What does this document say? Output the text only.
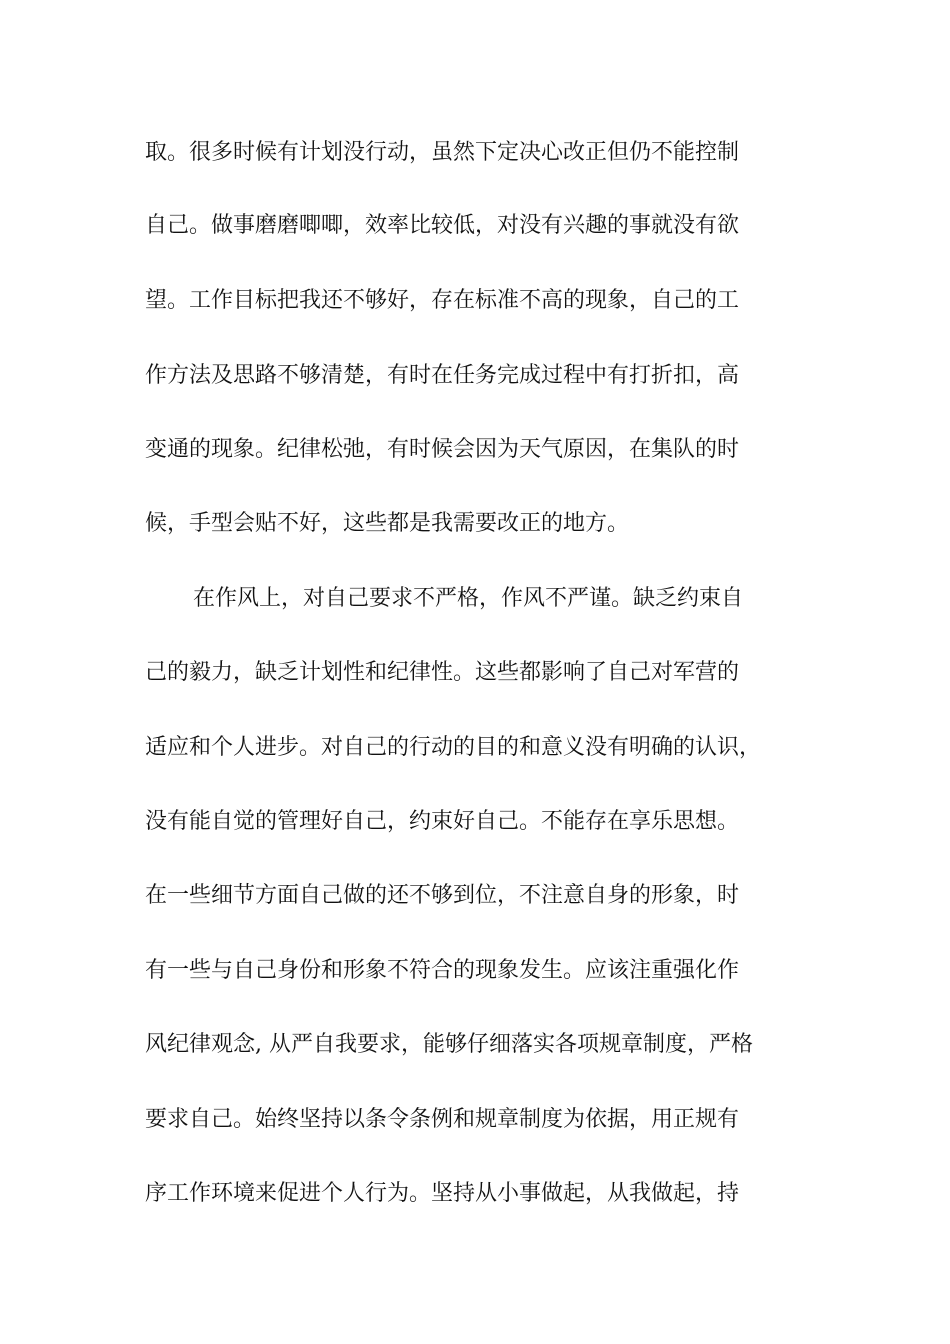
取。很多时候有计划没行动，虽然下定决心改正但仍不能控制
自己。做事磨磨唧唧，效率比较低，对没有兴趣的事就没有欲
望。工作目标把我还不够好，存在标准不高的现象，自己的工
作方法及思路不够清楚，有时在任务完成过程中有打折扣，高
变通的现象。纪律松弛，有时候会因为天气原因，在集队的时
候，手型会贴不好，这些都是我需要改正的地方。
在作风上，对自己要求不严格，作风不严谨。缺乏约束自
己的毅力，缺乏计划性和纪律性。这些都影响了自己对军营的
适应和个人进步。对自己的行动的目的和意义没有明确的认识，
没有能自觉的管理好自己，约束好自己。不能存在享乐思想。
在一些细节方面自己做的还不够到位，不注意自身的形象，时
有一些与自己身份和形象不符合的现象发生。应该注重强化作
风纪律观念, 从严自我要求，能够仔细落实各项规章制度，严格
要求自己。始终坚持以条令条例和规章制度为依据，用正规有
序工作环境来促进个人行为。坚持从小事做起，从我做起，持
